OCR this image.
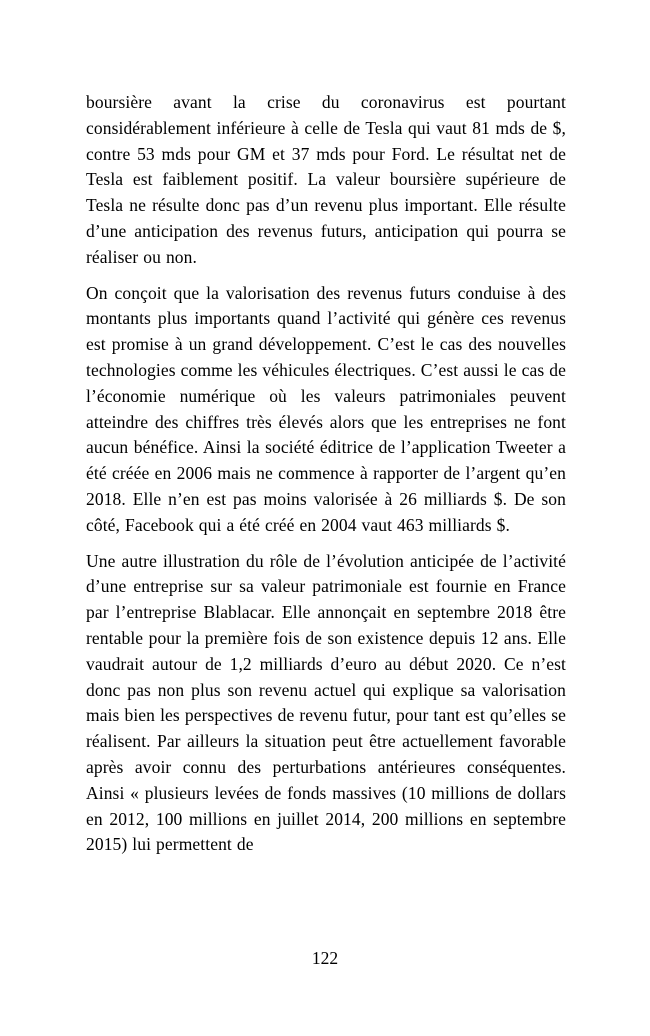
boursière avant la crise du coronavirus est pourtant considérablement inférieure à celle de Tesla qui vaut 81 mds de $, contre 53 mds pour GM et 37 mds pour Ford. Le résultat net de Tesla est faiblement positif. La valeur boursière supérieure de Tesla ne résulte donc pas d’un revenu plus important. Elle résulte d’une anticipation des revenus futurs, anticipation qui pourra se réaliser ou non.

On conçoit que la valorisation des revenus futurs conduise à des montants plus importants quand l’activité qui génère ces revenus est promise à un grand développement. C’est le cas des nouvelles technologies comme les véhicules électriques. C’est aussi le cas de l’économie numérique où les valeurs patrimoniales peuvent atteindre des chiffres très élevés alors que les entreprises ne font aucun bénéfice. Ainsi la société éditrice de l’application Tweeter a été créée en 2006 mais ne commence à rapporter de l’argent qu’en 2018. Elle n’en est pas moins valorisée à 26 milliards $. De son côté, Facebook qui a été créé en 2004 vaut 463 milliards $.

Une autre illustration du rôle de l’évolution anticipée de l’activité d’une entreprise sur sa valeur patrimoniale est fournie en France par l’entreprise Blablacar. Elle annonçait en septembre 2018 être rentable pour la première fois de son existence depuis 12 ans. Elle vaudrait autour de 1,2 milliards d’euro au début 2020. Ce n’est donc pas non plus son revenu actuel qui explique sa valorisation mais bien les perspectives de revenu futur, pour tant est qu’elles se réalisent. Par ailleurs la situation peut être actuellement favorable après avoir connu des perturbations antérieures conséquentes. Ainsi « plusieurs levées de fonds massives (10 millions de dollars en 2012, 100 millions en juillet 2014, 200 millions en septembre 2015) lui permettent de

122
